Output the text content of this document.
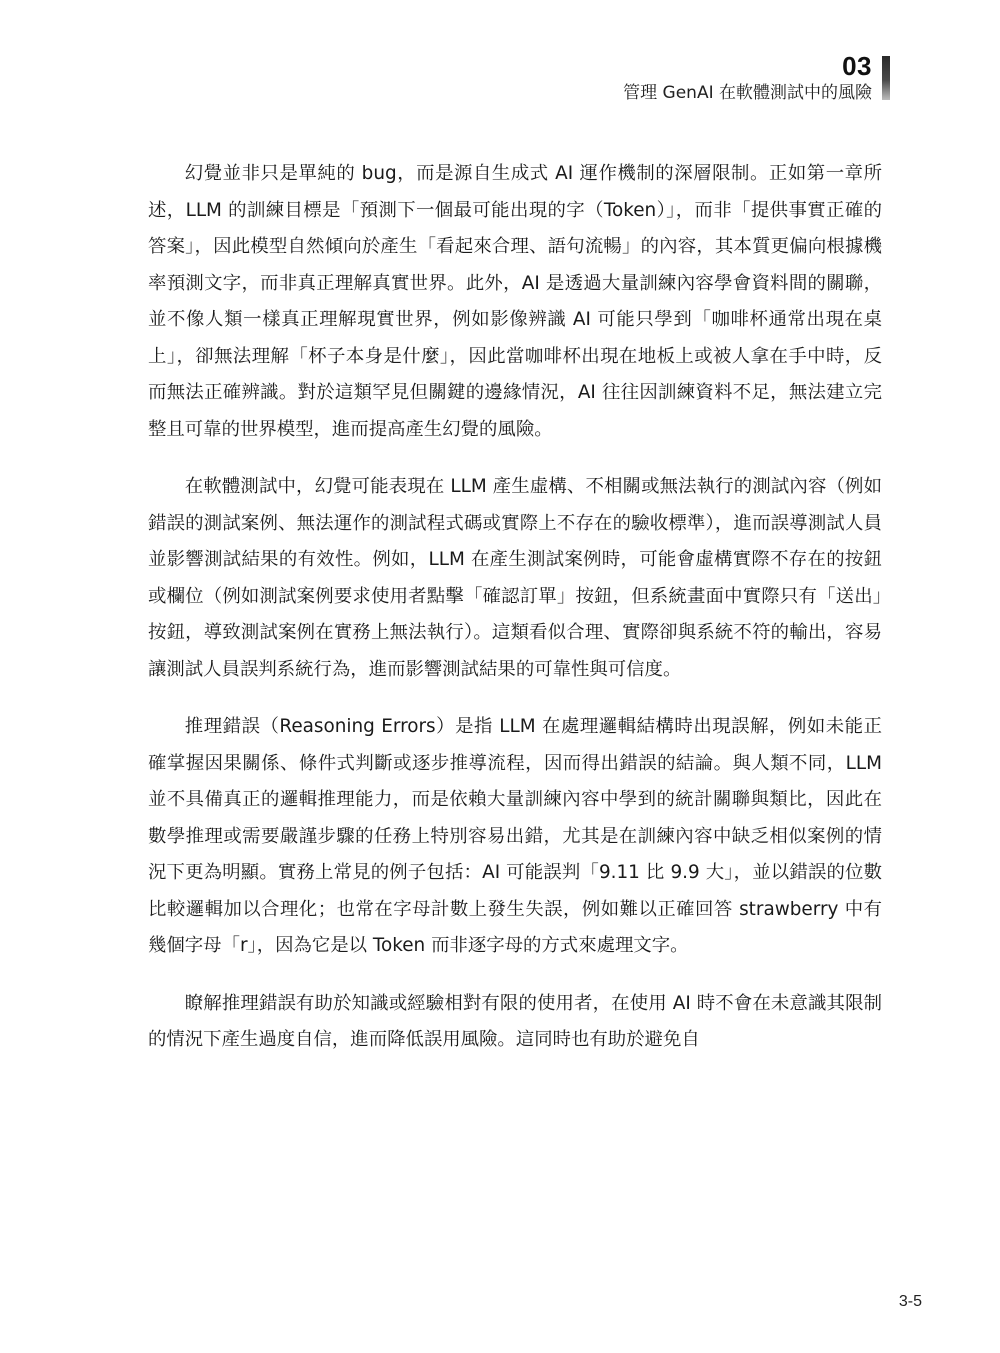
03
管理 GenAI 在軟體測試中的風險

幻覺並非只是單純的 bug，而是源自生成式 AI 運作機制的深層限制。正如第一章所述，LLM 的訓練目標是「預測下一個最可能出現的字（Token）」，而非「提供事實正確的答案」，因此模型自然傾向於產生「看起來合理、語句流暢」的內容，其本質更偏向根據機率預測文字，而非真正理解真實世界。此外，AI 是透過大量訓練內容學會資料間的關聯，並不像人類一樣真正理解現實世界，例如影像辨識 AI 可能只學到「咖啡杯通常出現在桌上」，卻無法理解「杯子本身是什麼」，因此當咖啡杯出現在地板上或被人拿在手中時，反而無法正確辨識。對於這類罕見但關鍵的邊緣情況，AI 往往因訓練資料不足，無法建立完整且可靠的世界模型，進而提高產生幻覺的風險。

在軟體測試中，幻覺可能表現在 LLM 產生虛構、不相關或無法執行的測試內容（例如錯誤的測試案例、無法運作的測試程式碼或實際上不存在的驗收標準），進而誤導測試人員並影響測試結果的有效性。例如，LLM 在產生測試案例時，可能會虛構實際不存在的按鈕或欄位（例如測試案例要求使用者點擊「確認訂單」按鈕，但系統畫面中實際只有「送出」按鈕，導致測試案例在實務上無法執行）。這類看似合理、實際卻與系統不符的輸出，容易讓測試人員誤判系統行為，進而影響測試結果的可靠性與可信度。

推理錯誤（Reasoning Errors）是指 LLM 在處理邏輯結構時出現誤解，例如未能正確掌握因果關係、條件式判斷或逐步推導流程，因而得出錯誤的結論。與人類不同，LLM 並不具備真正的邏輯推理能力，而是依賴大量訓練內容中學到的統計關聯與類比，因此在數學推理或需要嚴謹步驟的任務上特別容易出錯，尤其是在訓練內容中缺乏相似案例的情況下更為明顯。實務上常見的例子包括：AI 可能誤判「9.11 比 9.9 大」，並以錯誤的位數比較邏輯加以合理化；也常在字母計數上發生失誤，例如難以正確回答 strawberry 中有幾個字母「r」，因為它是以 Token 而非逐字母的方式來處理文字。

瞭解推理錯誤有助於知識或經驗相對有限的使用者，在使用 AI 時不會在未意識其限制的情況下產生過度自信，進而降低誤用風險。這同時也有助於避免自

3-5
